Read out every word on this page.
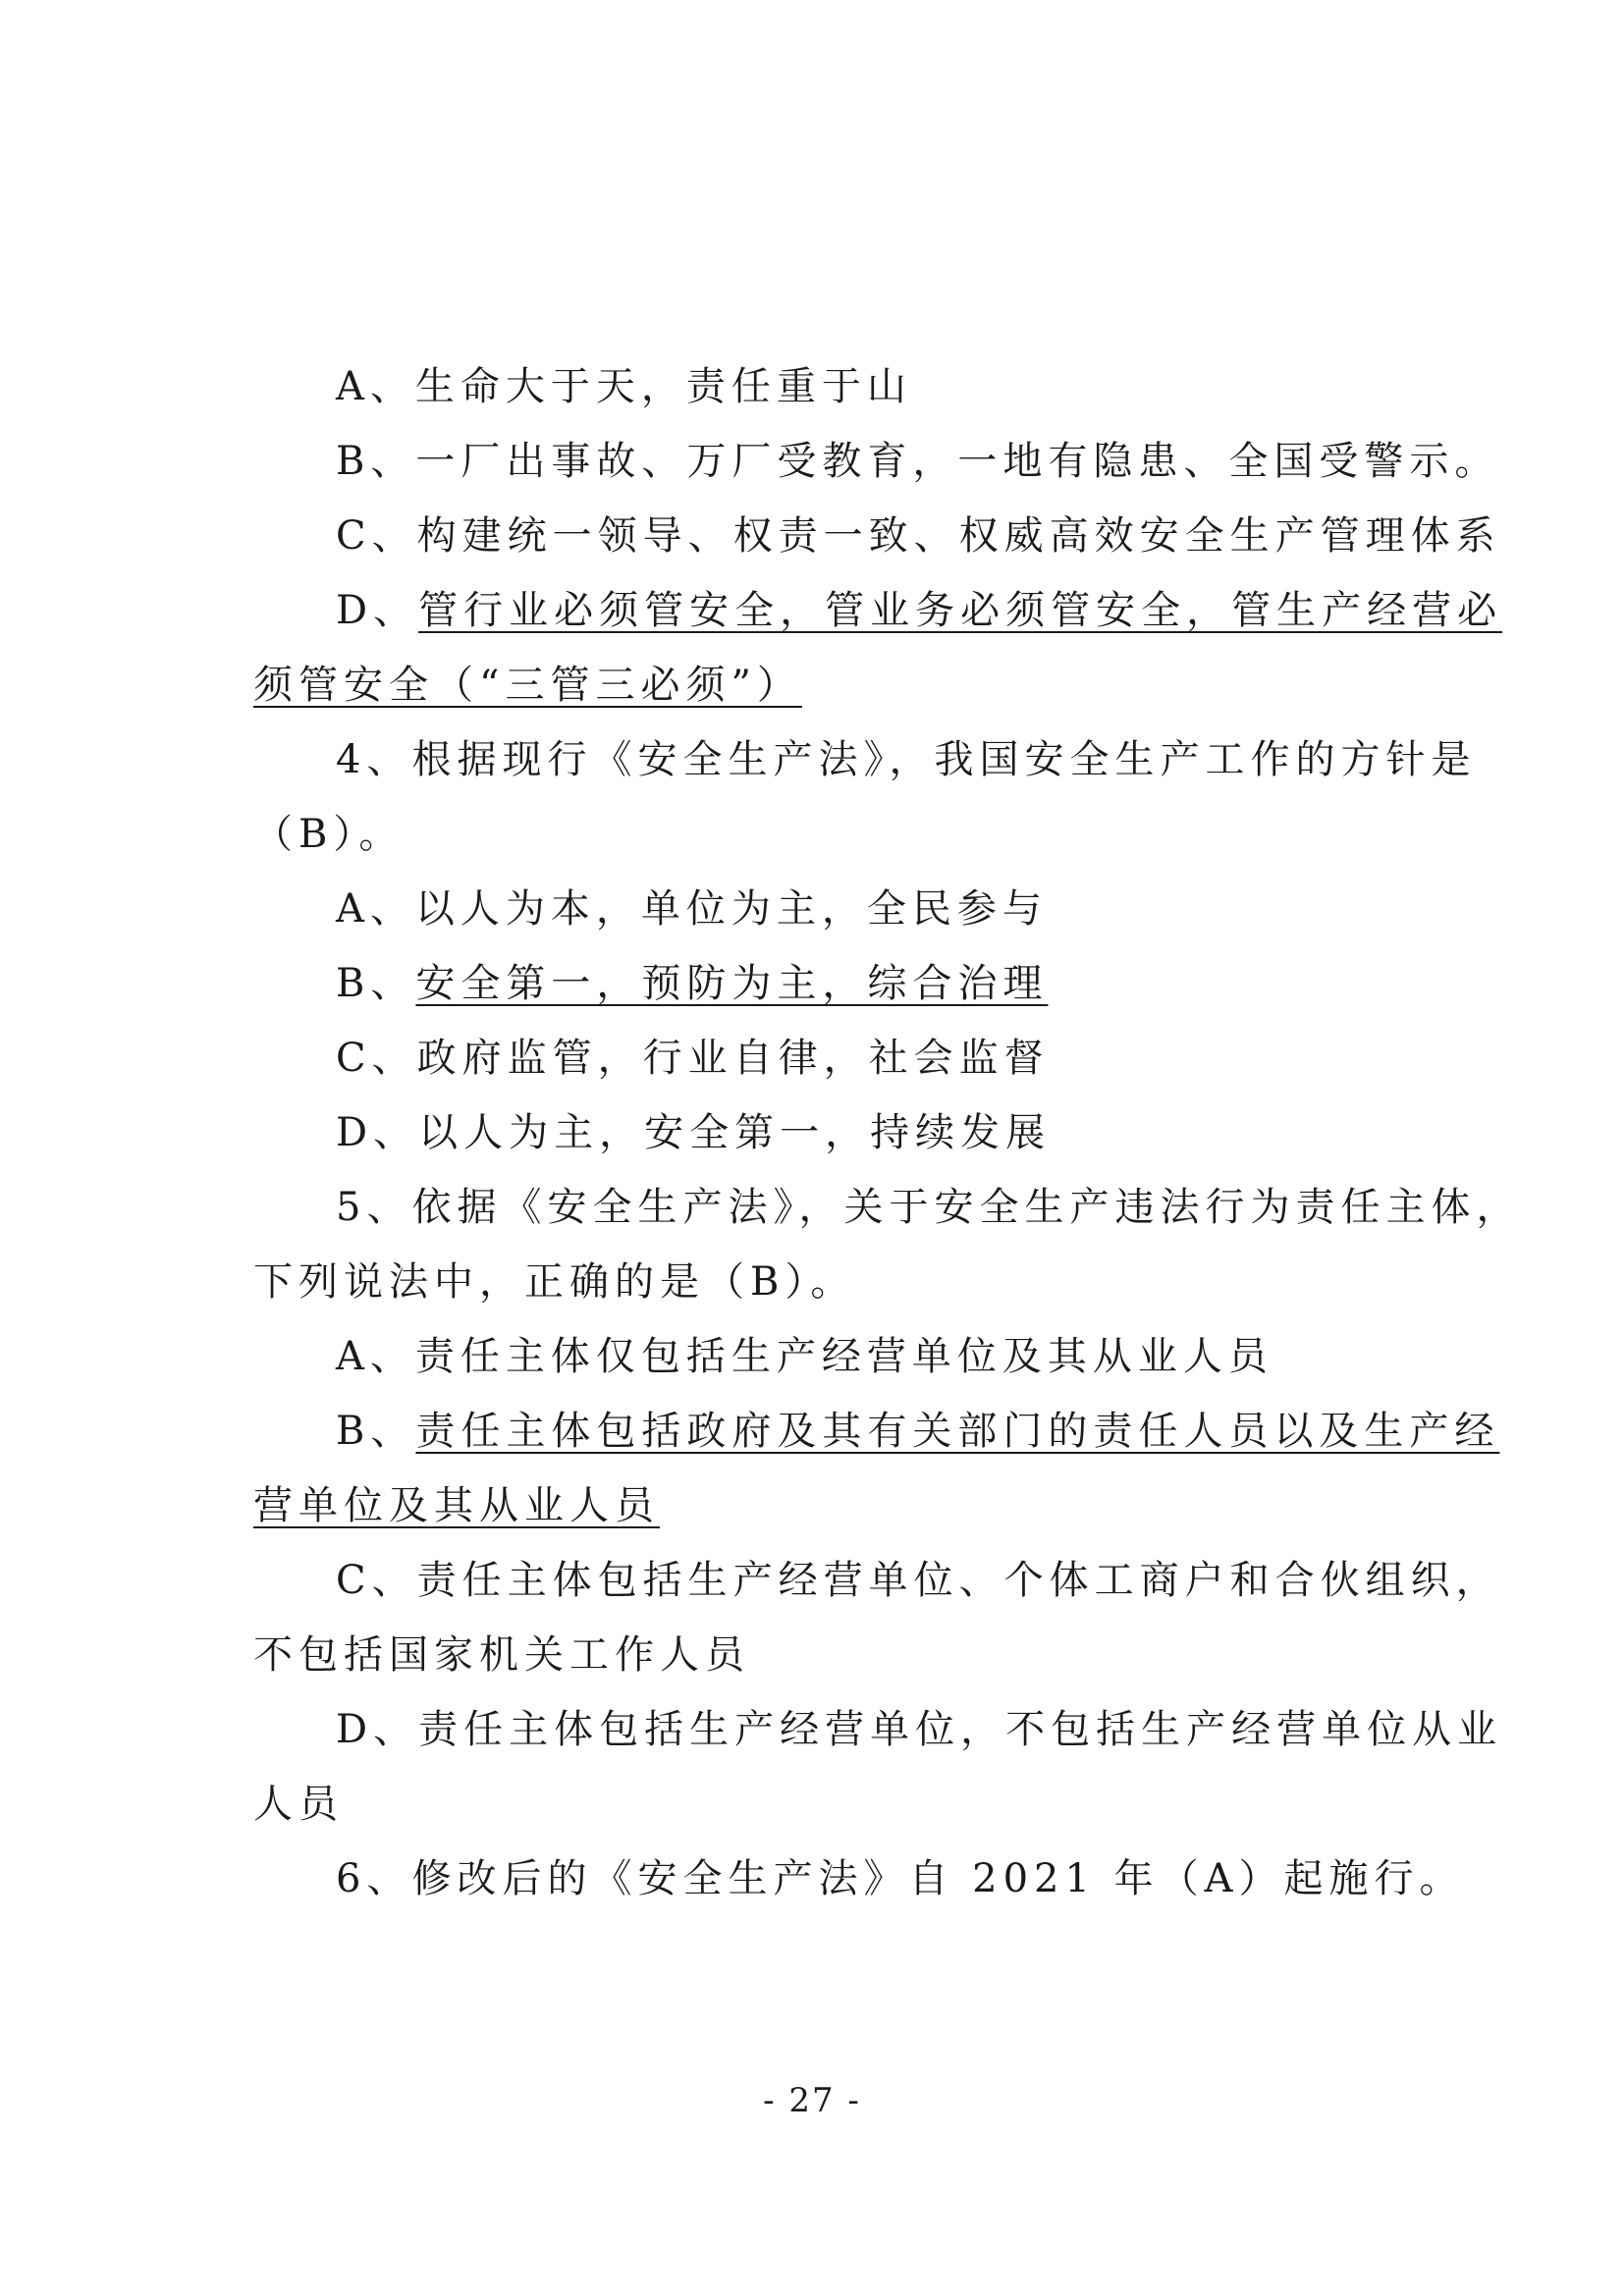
A、生命大于天，责任重于山
B、一厂出事故、万厂受教育，一地有隐患、全国受警示。
C、构建统一领导、权责一致、权威高效安全生产管理体系
D、管行业必须管安全，管业务必须管安全，管生产经营必
须管安全（“三管三必须”）
4、根据现行《安全生产法》，我国安全生产工作的方针是
（B）。
A、以人为本，单位为主，全民参与
B、安全第一，预防为主，综合治理
C、政府监管，行业自律，社会监督
D、以人为主，安全第一，持续发展
5、依据《安全生产法》，关于安全生产违法行为责任主体，
下列说法中，正确的是（B）。
A、责任主体仅包括生产经营单位及其从业人员
B、责任主体包括政府及其有关部门的责任人员以及生产经
营单位及其从业人员
C、责任主体包括生产经营单位、个体工商户和合伙组织，
不包括国家机关工作人员
D、责任主体包括生产经营单位，不包括生产经营单位从业
人员
6、修改后的《安全生产法》自 2021 年（A）起施行。
- 27 -
